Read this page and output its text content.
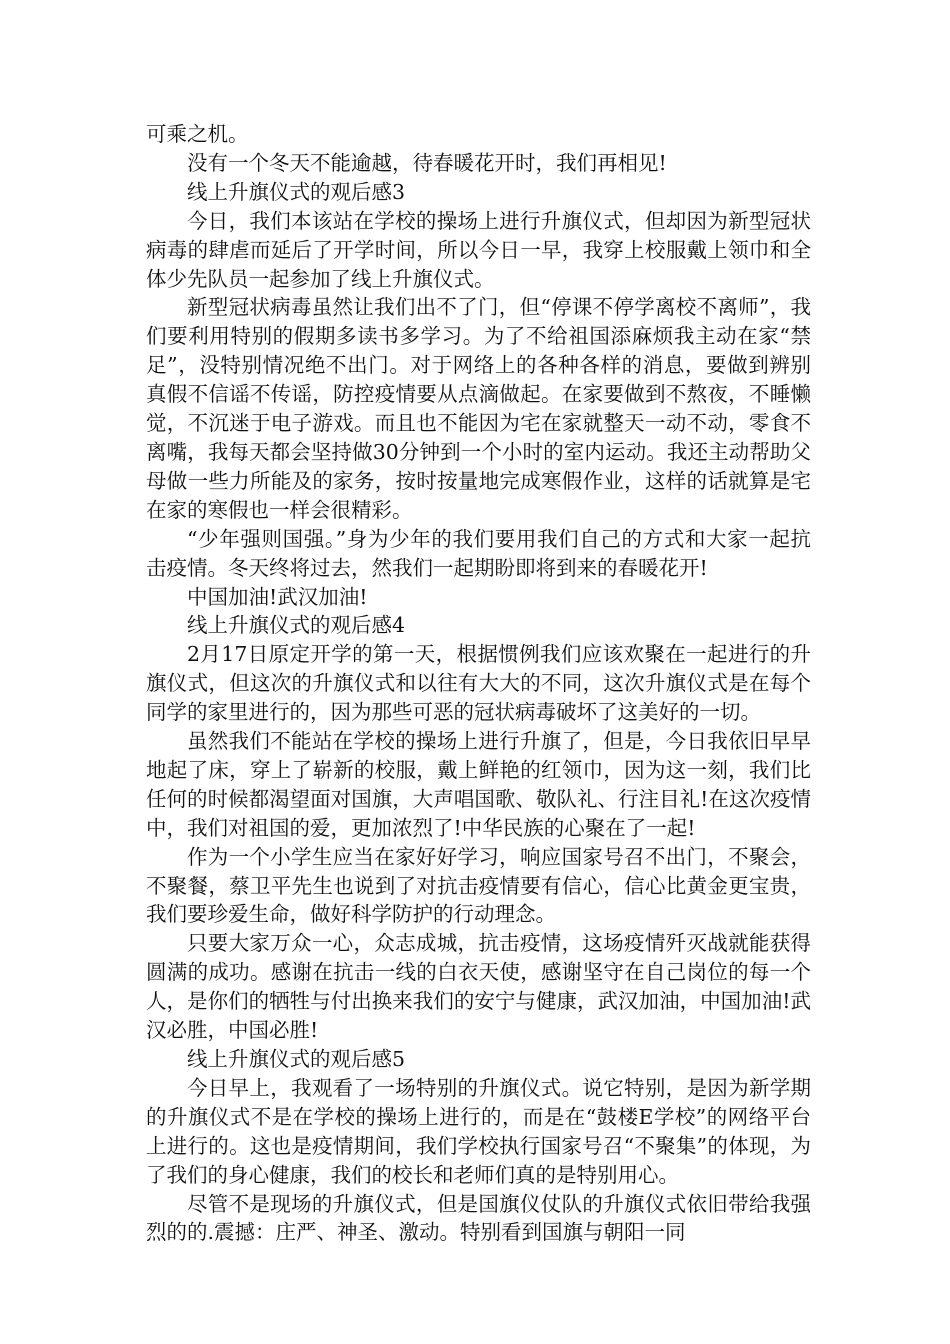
可乘之机。

没有一个冬天不能逾越，待春暖花开时，我们再相见!

线上升旗仪式的观后感3

今日，我们本该站在学校的操场上进行升旗仪式，但却因为新型冠状病毒的肆虐而延后了开学时间，所以今日一早，我穿上校服戴上领巾和全体少先队员一起参加了线上升旗仪式。

新型冠状病毒虽然让我们出不了门，但“停课不停学离校不离师”，我们要利用特别的假期多读书多学习。为了不给祖国添麻烦我主动在家“禁足”，没特别情况绝不出门。对于网络上的各种各样的消息，要做到辨别真假不信谣不传谣，防控疫情要从点滴做起。在家要做到不熬夜，不睡懒觉，不沉迷于电子游戏。而且也不能因为宅在家就整天一动不动，零食不离嘴，我每天都会坚持做30分钟到一个小时的室内运动。我还主动帮助父母做一些力所能及的家务，按时按量地完成寒假作业，这样的话就算是宅在家的寒假也一样会很精彩。

“少年强则国强。”身为少年的我们要用我们自己的方式和大家一起抗击疫情。冬天终将过去，然我们一起期盼即将到来的春暖花开!

中国加油!武汉加油!

线上升旗仪式的观后感4

2月17日原定开学的第一天，根据惯例我们应该欢聚在一起进行的升旗仪式，但这次的升旗仪式和以往有大大的不同，这次升旗仪式是在每个同学的家里进行的，因为那些可恶的冠状病毒破坏了这美好的一切。

虽然我们不能站在学校的操场上进行升旗了，但是，今日我依旧早早地起了床，穿上了崭新的校服，戴上鲜艳的红领巾，因为这一刻，我们比任何的时候都渴望面对国旗，大声唱国歌、敬队礼、行注目礼!在这次疫情中，我们对祖国的爱，更加浓烈了!中华民族的心聚在了一起!

作为一个小学生应当在家好好学习，响应国家号召不出门，不聚会，不聚餐，蔡卫平先生也说到了对抗击疫情要有信心，信心比黄金更宝贵，我们要珍爱生命，做好科学防护的行动理念。

只要大家万众一心，众志成城，抗击疫情，这场疫情歼灭战就能获得圆满的成功。感谢在抗击一线的白衣天使，感谢坚守在自己岗位的每一个人，是你们的牺牲与付出换来我们的安宁与健康，武汉加油，中国加油!武汉必胜，中国必胜!

线上升旗仪式的观后感5

今日早上，我观看了一场特别的升旗仪式。说它特别，是因为新学期的升旗仪式不是在学校的操场上进行的，而是在“鼓楼E学校”的网络平台上进行的。这也是疫情期间，我们学校执行国家号召“不聚集”的体现，为了我们的身心健康，我们的校长和老师们真的是特别用心。

尽管不是现场的升旗仪式，但是国旗仪仗队的升旗仪式依旧带给我强烈的的.震撼：庄严、神圣、激动。特别看到国旗与朝阳一同
